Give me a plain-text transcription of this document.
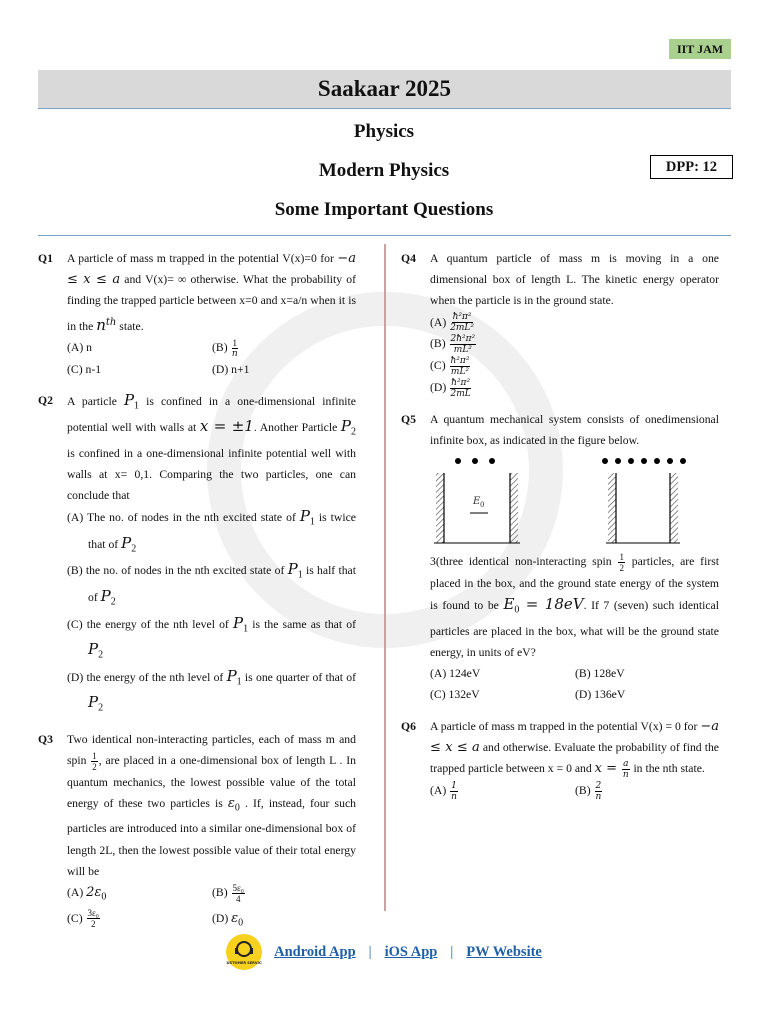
IIT JAM
Saakaar 2025
Physics
Modern Physics	DPP: 12
Some Important Questions
Q1 A particle of mass m trapped in the potential V(x)=0 for −a ≤ x ≤ a and V(x)= ∞ otherwise. What the probability of finding the trapped particle between x=0 and x=a/n when it is in the $n^{th}$ state.
(A) n	$(B) \frac{1}{n}$
(C) n-1	(D) n+1
Q2 A particle $P_1$ is confined in a one-dimensional infinite potential well with walls at x = ±1. Another Particle $P_2$ is confined in a one-dimensional infinite potential well with walls at x= 0,1. Comparing the two particles, one can conclude that
(A) The no. of nodes in the nth excited state of $P_1$ is twice that of $P_2$
(B) the no. of nodes in the nth excited state of $P_1$ is half that of $P_2$
(C) the energy of the nth level of $P_1$ is the same as that of $P_2$
(D) the energy of the nth level of $P_1$ is one quarter of that of $P_2$
Q3 Two identical non-interacting particles, each of mass m and spin $\frac{1}{2}$ , are placed in a one-dimensional box of length L . In quantum mechanics, the lowest possible value of the total energy of these two particles is $\varepsilon_0$ . If, instead, four such particles are introduced into a similar one-dimensional box of length 2L, then the lowest possible value of their total energy will be
(A) $2\varepsilon_0$	$(B) \frac{\text{5ε₀}}{4}$
$(C) \frac{\text{3ε₀}}{2}$	(D) $\varepsilon_0$
Q4 A quantum particle of mass m is moving in a one dimensional box of length L. The kinetic energy operator when the particle is in the ground state.
$(A) \frac{\text{ħ²π²}}{\text{2mL²}}$
$(B) \frac{\text{2ħ²π²}}{\text{mL²}}$
$(C) \frac{\text{ħ²π²}}{\text{mL²}}$
$(D) \frac{\text{ħ²π²}}{2mL}$
Q5 A quantum mechanical system consists of onedimensional infinite box, as indicated in the figure below.
E 0
3(three identical non-interacting spin $\frac{1}{2}$ particles, are first placed in the box, and the ground state energy of the system is found to be $E_0 = 18eV$. If 7 (seven) such identical particles are placed in the box, what will be the ground state energy, in units of eV?
(A) 124eV	(B) 128eV
(C) 132eV	(D) 136eV
Q6 A particle of mass m trapped in the potential V(x) = 0 for −a ≤ x ≤ a and otherwise. Evaluate the probability of find the trapped particle between x = 0 and $x = \frac{a}{n}$ in the nth state.
$(A) \frac{1}{n}$	$(B) \frac{2}{n}$
CUSTOMER SERVICE
Android App | iOS App | PW Website
